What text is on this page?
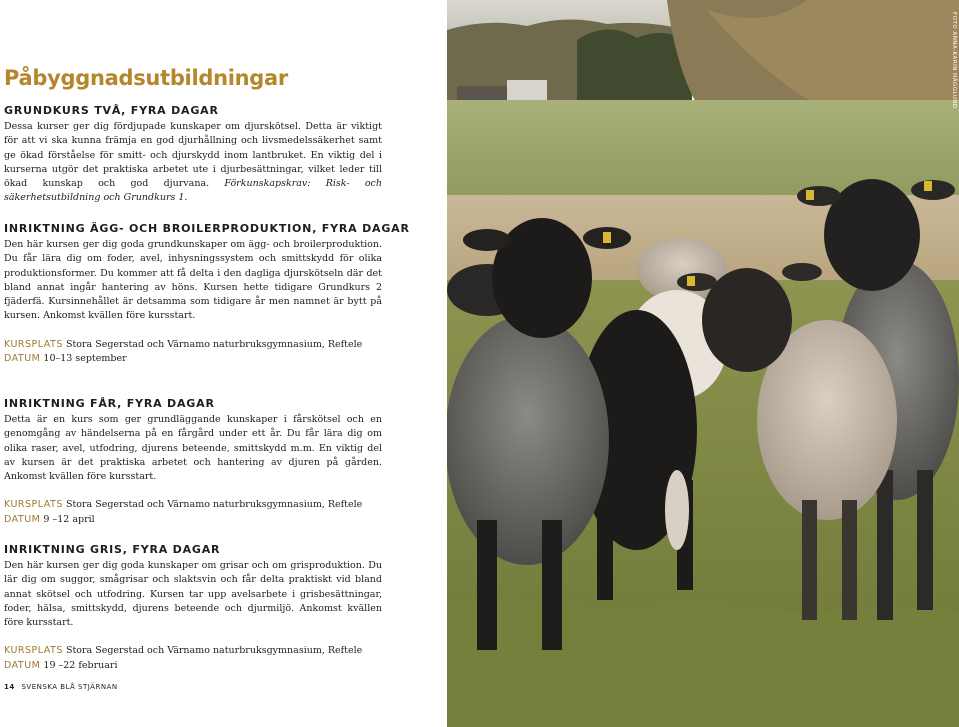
Påbyggnadsutbildningar
GRUNDKURS TVÅ, FYRA DAGAR

Dessa kurser ger dig fördjupade kunskaper om djurskötsel. Detta är viktigt för att vi ska kunna främja en god djurhållning och livsmedelssäkerhet samt ge ökad förståelse för smitt- och djurskydd inom lantbruket. En viktig del i kurserna utgör det praktiska arbetet ute i djurbesättningar, vilket leder till ökad kunskap och god djurvana. Förkunskapskrav: Risk- och säkerhetsutbildning och Grundkurs 1.

INRIKTNING ÄGG- OCH BROILERPRODUKTION, FYRA DAGAR

Den här kursen ger dig goda grundkunskaper om ägg- och broilerproduktion. Du får lära dig om foder, avel, inhysningssystem och smittskydd för olika produktionsformer. Du kommer att få delta i den dagliga djurskötseln där det bland annat ingår hantering av höns. Kursen hette tidigare Grundkurs 2 fjäderfä. Kursinnehållet är detsamma som tidigare år men namnet är bytt på kursen. Ankomst kvällen före kursstart.

KURSPLATS Stora Segerstad och Värnamo naturbruksgymnasium, Reftele
DATUM 10–13 september
INRIKTNING FÅR, FYRA DAGAR

Detta är en kurs som ger grundläggande kunskaper i fårskötsel och en genomgång av händelserna på en fårgård under ett år. Du får lära dig om olika raser, avel, utfodring, djurens beteende, smittskydd m.m. En viktig del av kursen är det praktiska arbetet och hantering av djuren på gården. Ankomst kvällen före kursstart.

KURSPLATS Stora Segerstad och Värnamo naturbruksgymnasium, Reftele
DATUM 9 –12 april
INRIKTNING GRIS, FYRA DAGAR

Den här kursen ger dig goda kunskaper om grisar och om grisproduktion. Du lär dig om suggor, smågrisar och slaktsvin och får delta praktiskt vid bland annat skötsel och utfodring. Kursen tar upp avelsarbete i grisbesättningar, foder, hälsa, smittskydd, djurens beteende och djurmiljö. Ankomst kvällen före kursstart.

KURSPLATS Stora Segerstad och Värnamo naturbruksgymnasium, Reftele
DATUM 19 –22 februari
14 SVENSKA BLÅ STJÄRNAN
FOTO ANNA-KARIN HÄGGLUND
